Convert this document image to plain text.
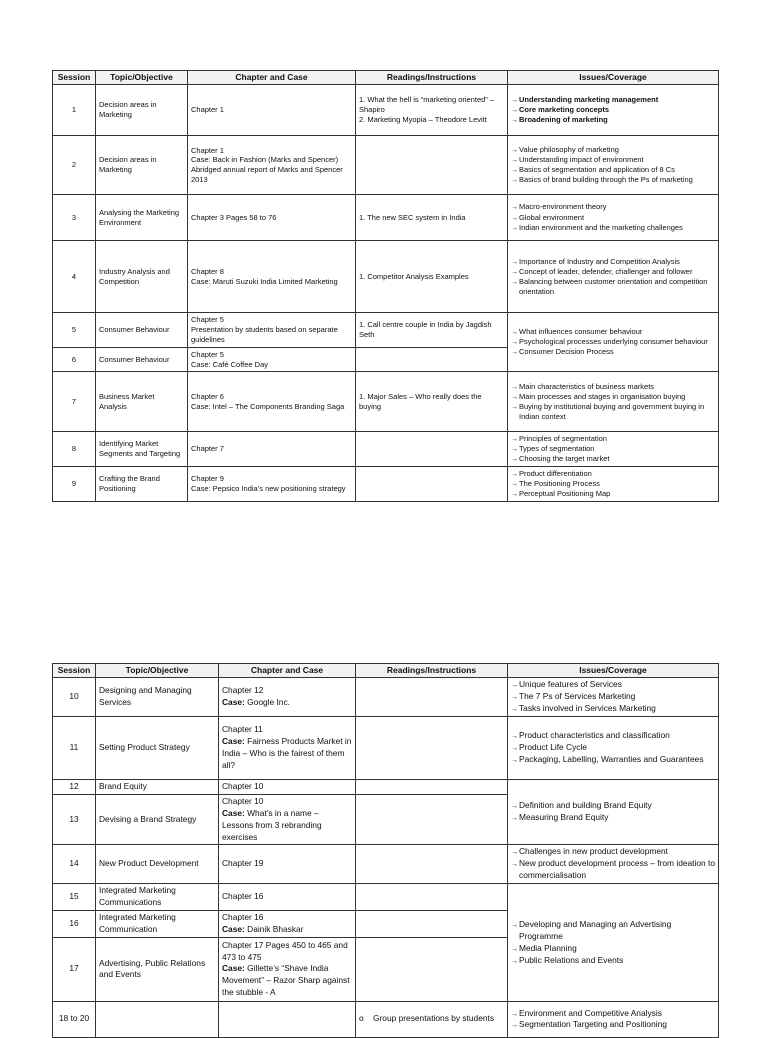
Session	Topic/Objective	Chapter and Case	Readings/Instructions	Issues/Coverage
1	Decision areas in Marketing	Chapter 1	1. What the hell is “marketing oriented” – Shapiro
2. Marketing Myopia – Theodore Levitt	→ Understanding marketing management
→ Core marketing concepts
→ Broadening of marketing

2	Decision areas in Marketing	Chapter 1
Case: Back in Fashion (Marks and Spencer)
Abridged annual report of Marks and Spencer 2013		→ Value philosophy of marketing
→ Understanding impact of environment
→ Basics of segmentation and application of 8 Cs
→ Basics of brand building through the Ps of marketing

3	Analysing the Marketing Environment	Chapter 3 Pages 58 to 76	1. The new SEC system in India	→ Macro-environment theory
→ Global environment
→ Indian environment and the marketing challenges

4	Industry Analysis and Competition	Chapter 8
Case: Maruti Suzuki India Limited Marketing	1. Competitor Analysis Examples	→ Importance of Industry and Competition Analysis
→ Concept of leader, defender, challenger and follower
→ Balancing between customer orientation and competition orientation

5	Consumer Behaviour	Chapter 5
Presentation by students based on separate guidelines	1. Call centre couple in India by Jagdish Seth	→ What influences consumer behaviour
→ Psychological processes underlying consumer behaviour
→ Consumer Decision Process

6	Consumer Behaviour	Chapter 5
Case: Café Coffee Day		

7	Business Market Analysis	Chapter 6
Case: Intel – The Components Branding Saga	1. Major Sales – Who really does the buying	→ Main characteristics of business markets
→ Main processes and stages in organisation buying
→ Buying by institutional buying and government buying in Indian context

8	Identifying Market Segments and Targeting	Chapter 7		→ Principles of segmentation
→ Types of segmentation
→ Choosing the target market

9	Crafting the Brand Positioning	Chapter 9
Case: Pepsico India’s new positioning strategy		→ Product differentiation
→ The Positioning Process
→ Perceptual Positioning Map
Session	Topic/Objective	Chapter and Case	Readings/Instructions	Issues/Coverage
10	Designing and Managing Services	Chapter 12
Case: Google Inc.		→ Unique features of Services
→ The 7 Ps of Services Marketing
→ Tasks involved in Services Marketing

11	Setting Product Strategy	Chapter 11
Case: Fairness Products Market in India – Who is the fairest of them all?		→ Product characteristics and classification
→ Product Life Cycle
→ Packaging, Labelling, Warranties and Guarantees

12	Brand Equity	Chapter 10		→ Definition and building Brand Equity
→ Measuring Brand Equity

13	Devising a Brand Strategy	Chapter 10
Case: What’s in a name – Lessons from 3 rebranding exercises		

14	New Product Development	Chapter 19		→ Challenges in new product development
→ New product development process – from ideation to commercialisation

15	Integrated Marketing Communications	Chapter 16		→ Developing and Managing an Advertising Programme
→ Media Planning
→ Public Relations and Events

16	Integrated Marketing Communication	Chapter 16
Case: Dainik Bhaskar		

17	Advertising, Public Relations and Events	Chapter 17 Pages 450 to 465 and 473 to 475
Case: Gillette’s “Shave India Movement” – Razor Sharp against the stubble - A		

18 to 20			o Group presentations by students	→ Environment and Competitive Analysis
→ Segmentation Targeting and Positioning
